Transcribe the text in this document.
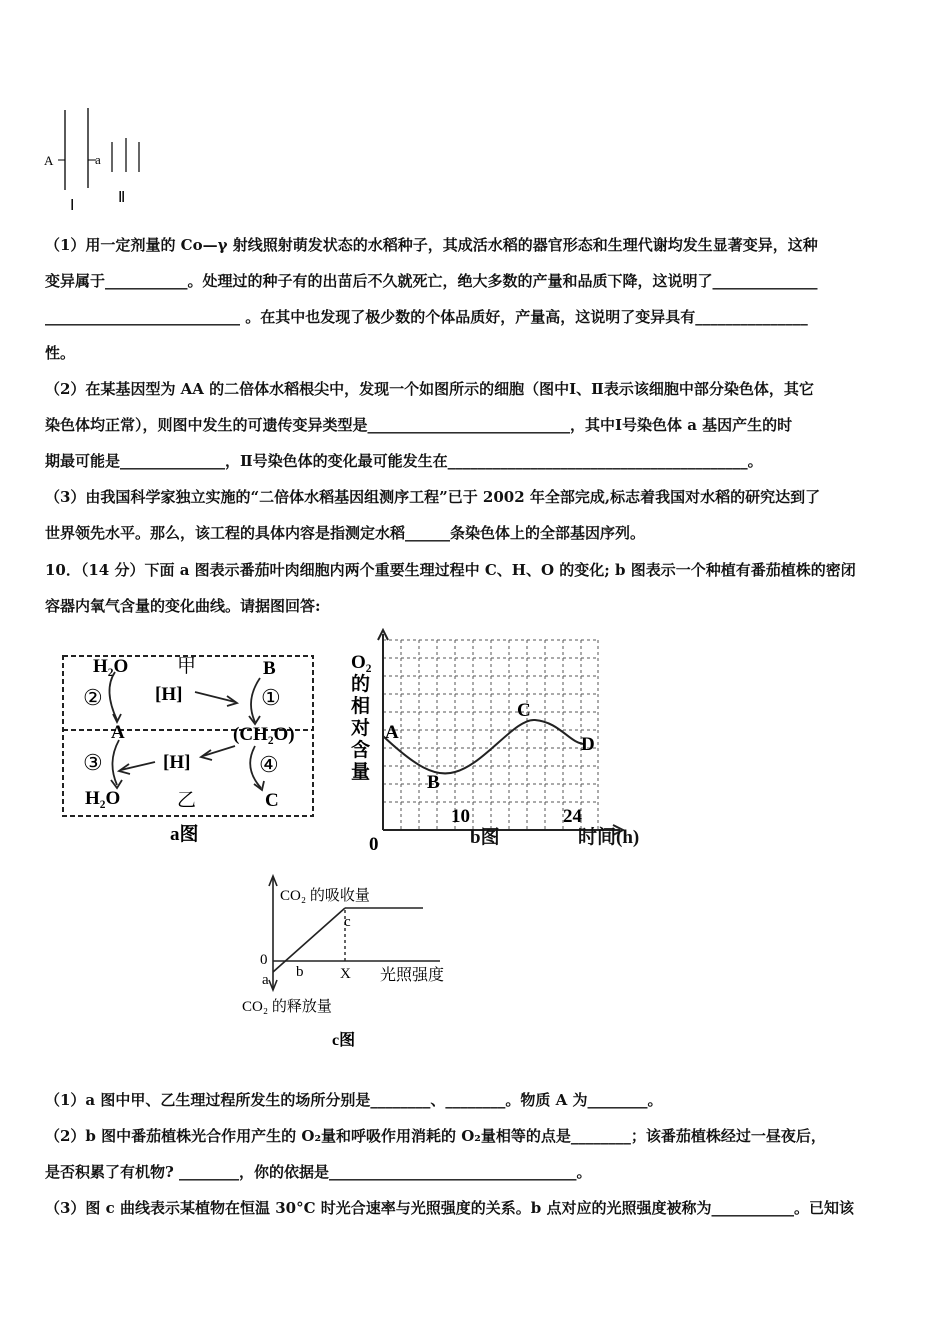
A	a
Ⅰ	Ⅱ
（1）用一定剂量的 Co—γ 射线照射萌发状态的水稻种子，其成活水稻的器官形态和生理代谢均发生显著变异，这种
变异属于___________。处理过的种子有的出苗后不久就死亡，绝大多数的产量和品质下降，这说明了______________
__________________________ 。在其中也发现了极少数的个体品质好，产量高，这说明了变异具有_______________
性。
（2）在某基因型为 AA 的二倍体水稻根尖中，发现一个如图所示的细胞（图中Ⅰ、Ⅱ表示该细胞中部分染色体，其它
染色体均正常），则图中发生的可遗传变异类型是___________________________，其中Ⅰ号染色体 a 基因产生的时
期最可能是______________，Ⅱ号染色体的变化最可能发生在________________________________________。
（3）由我国科学家独立实施的“二倍体水稻基因组测序工程”已于 2002 年全部完成,标志着我国对水稻的研究达到了
世界领先水平。那么，该工程的具体内容是指测定水稻______条染色体上的全部基因序列。
10．（14 分）下面 a 图表示番茄叶肉细胞内两个重要生理过程中 C、H、O 的变化; b 图表示一个种植有番茄植株的密闭
容器内氧气含量的变化曲线。请据图回答:
H₂O	甲	B
②	[H]	①
A	(CH₂O)
③	[H]	④
H₂O	乙	C
a图
O₂
的
相
对
含
量
A
B
C
D
0
10	24
b图	时间(h)
CO₂ 的吸收量
0
a b
c
X 光照强度
CO₂ 的释放量
c图
（1）a 图中甲、乙生理过程所发生的场所分别是________、________。物质 A 为________。
（2）b 图中番茄植株光合作用产生的 O₂量和呼吸作用消耗的 O₂量相等的点是________；该番茄植株经过一昼夜后，
是否积累了有机物? ________，你的依据是_________________________________。
（3）图 c 曲线表示某植物在恒温 30°C 时光合速率与光照强度的关系。b 点对应的光照强度被称为___________。已知该
